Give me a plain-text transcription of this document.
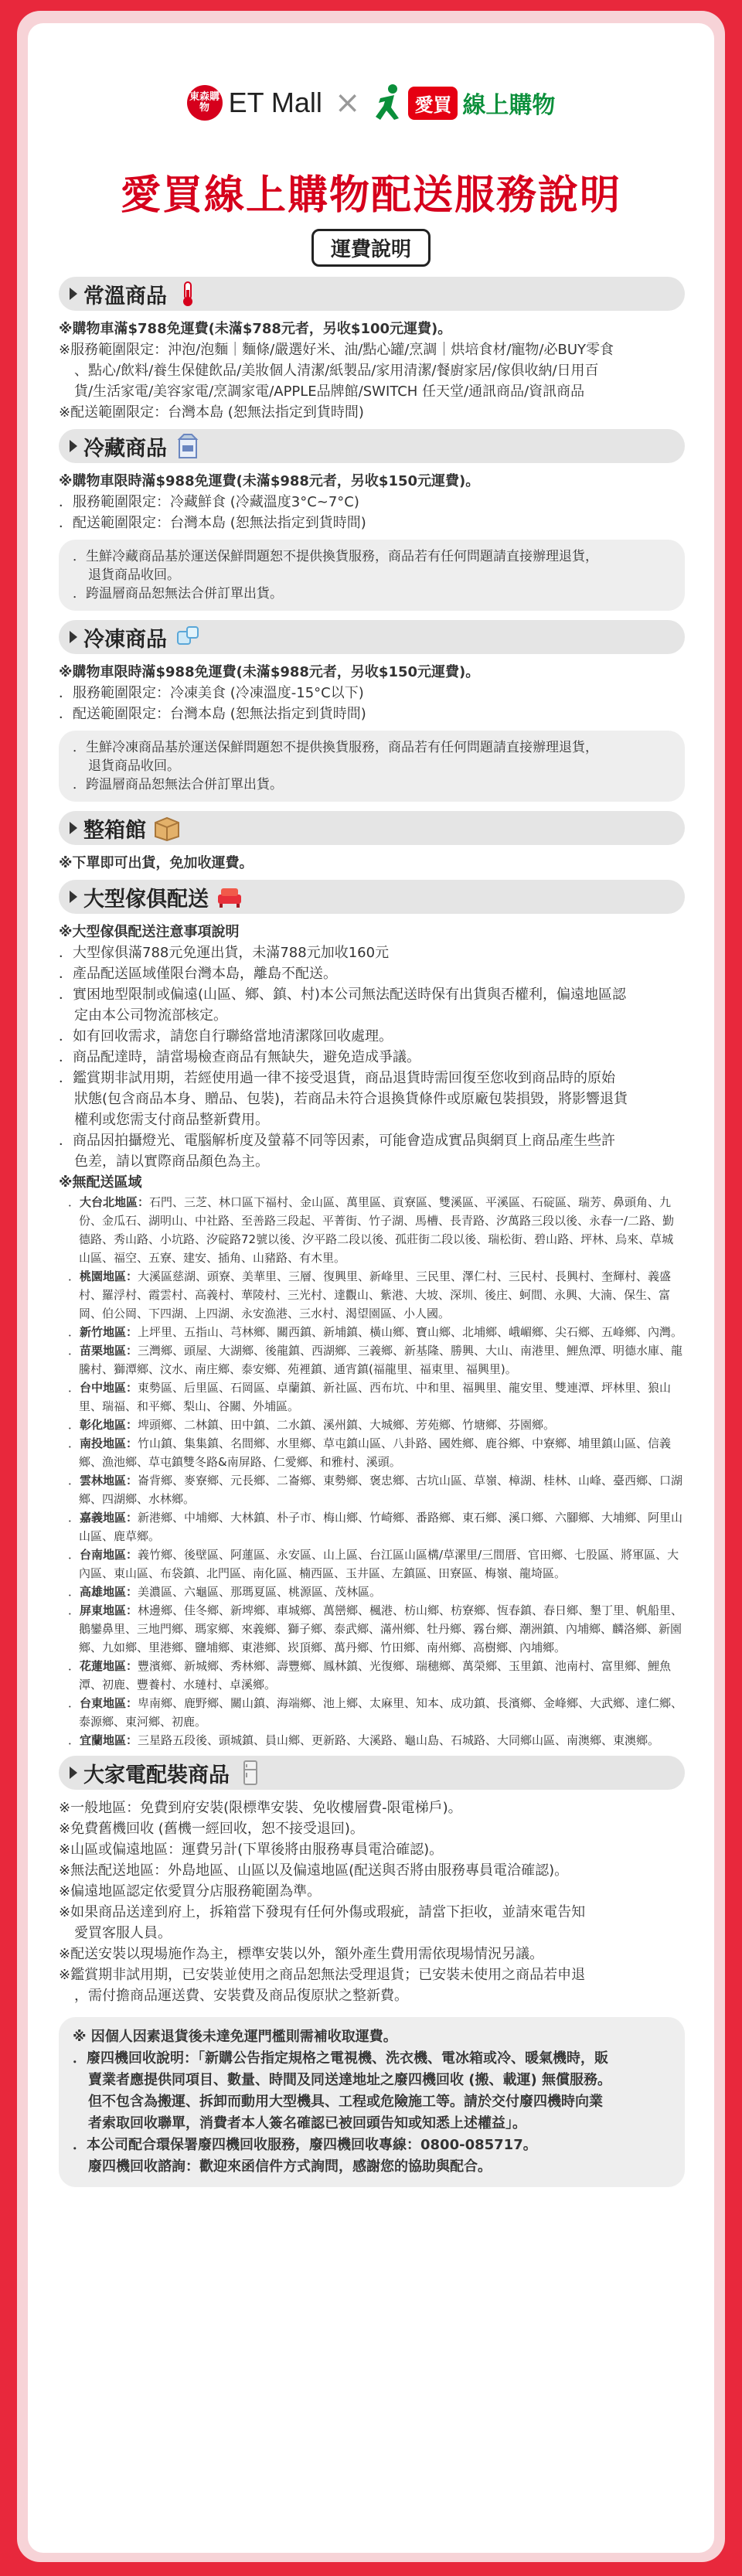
東森購物 ET Mall ×	愛買 線上購物
愛買線上購物配送服務說明
運費說明
常溫商品
※購物車滿$788免運費(未滿$788元者，另收$100元運費)。
※服務範圍限定：沖泡/泡麵｜麵條/嚴選好米、油/點心罐/烹調｜烘培食材/寵物/必BUY零食
、點心/飲料/養生保健飲品/美妝個人清潔/紙製品/家用清潔/餐廚家居/傢俱收納/日用百
貨/生活家電/美容家電/烹調家電/APPLE品牌館/SWITCH 任天堂/通訊商品/資訊商品
※配送範圍限定：台灣本島 (恕無法指定到貨時間)
冷藏商品
※購物車限時滿$988免運費(未滿$988元者，另收$150元運費)。
．服務範圍限定：冷藏鮮食 (冷藏溫度3°C~7°C)
．配送範圍限定：台灣本島 (恕無法指定到貨時間)
．生鮮冷藏商品基於運送保鮮問題恕不提供換貨服務，商品若有任何問題請直接辦理退貨，
退貨商品收回。
．跨温層商品恕無法合併訂單出貨。
冷凍商品
※購物車限時滿$988免運費(未滿$988元者，另收$150元運費)。
．服務範圍限定：冷凍美食 (冷凍溫度-15°C以下)
．配送範圍限定：台灣本島 (恕無法指定到貨時間)
．生鮮冷凍商品基於運送保鮮問題恕不提供換貨服務，商品若有任何問題請直接辦理退貨，
退貨商品收回。
．跨温層商品恕無法合併訂單出貨。
整箱館
※下單即可出貨，免加收運費。
大型傢俱配送
※大型傢俱配送注意事項說明
．大型傢俱滿788元免運出貨，未滿788元加收160元
．產品配送區域僅限台灣本島，離島不配送。
．實困地型限制或偏遠(山區、鄉、鎮、村)本公司無法配送時保有出貨與否權利，偏遠地區認
定由本公司物流部核定。
．如有回收需求，請您自行聯絡當地清潔隊回收處理。
．商品配達時，請當場檢查商品有無缺失，避免造成爭議。
．鑑賞期非試用期，若經使用過一律不接受退貨，商品退貨時需回復至您收到商品時的原始
狀態(包含商品本身、贈品、包裝)，若商品未符合退換貨條件或原廠包裝損毀，將影響退貨
權利或您需支付商品整新費用。
．商品因拍攝燈光、電腦解析度及螢幕不同等因素，可能會造成實品與網頁上商品產生些許
色差，請以實際商品顏色為主。
※無配送區域
．大台北地區：石門、三芝、林口區下福村、金山區、萬里區、貢寮區、雙溪區、平溪區、石碇區、瑞芳、鼻頭角、九份、金瓜石、湖明山、中社路、至善路三段起、平菁街、竹子湖、馬槽、長青路、汐萬路三段以後、永春一/二路、勤德路、秀山路、小坑路、汐碇路72號以後、汐平路二段以後、孤莊街二段以後、瑞松街、碧山路、坪林、烏來、草城山區、福空、五寮、建安、插角、山豬路、有木里。
．桃園地區：大溪區慈湖、頭寮、美華里、三層、復興里、新峰里、三民里、澤仁村、三民村、長興村、奎輝村、義盛村、羅浮村、霞雲村、高義村、華陵村、三光村、達觀山、紫港、大坡、深圳、後庄、蚵間、永興、大湳、保生、富岡、伯公岡、下四湖、上四湖、永安漁港、三水村、渴望園區、小人國。
．新竹地區：上坪里、五指山、芎林鄉、關西鎮、新埔鎮、橫山鄉、寶山鄉、北埔鄉、峨嵋鄉、尖石鄉、五峰鄉、內灣。
．苗栗地區：三灣鄉、頭屋、大湖鄉、後龍鎮、西湖鄉、三義鄉、新基隆、勝興、大山、南港里、鯉魚潭、明德水庫、龍騰村、獅潭鄉、汶水、南庄鄉、泰安鄉、苑裡鎮、通宵鎮(福龍里、福東里、福興里)。
．台中地區：東勢區、后里區、石岡區、卓蘭鎮、新社區、西布坑、中和里、福興里、龍安里、雙連潭、坪林里、狼山里、瑞福、和平鄉、梨山、谷關、外埔區。
．彰化地區：埤頭鄉、二林鎮、田中鎮、二水鎮、溪州鎮、大城鄉、芳苑鄉、竹塘鄉、芬園鄉。
．南投地區：竹山鎮、集集鎮、名間鄉、水里鄉、草屯鎮山區、八卦路、國姓鄉、鹿谷鄉、中寮鄉、埔里鎮山區、信義鄉、漁池鄉、草屯鎮雙冬路&南屏路、仁愛鄉、和雅村、溪頭。
．雲林地區：崙背鄉、麥寮鄉、元長鄉、二崙鄉、東勢鄉、褒忠鄉、古坑山區、草嶺、樟湖、桂林、山峰、臺西鄉、口湖鄉、四湖鄉、水林鄉。
．嘉義地區：新港鄉、中埔鄉、大林鎮、朴子市、梅山鄉、竹崎鄉、番路鄉、東石鄉、溪口鄉、六腳鄉、大埔鄉、阿里山山區、鹿草鄉。
．台南地區：義竹鄉、後壁區、阿蓮區、永安區、山上區、台江區山區構/草漯里/三間厝、官田鄉、七股區、將軍區、大內區、東山區、布袋鎮、北門區、南化區、楠西區、玉井區、左鎮區、田寮區、梅嶺、龍埼區。
．高雄地區：美濃區、六龜區、那瑪夏區、桃源區、茂林區。
．屏東地區：林邊鄉、佳冬鄉、新埤鄉、車城鄉、萬巒鄉、楓港、枋山鄉、枋寮鄉、恆春鎮、春日鄉、墾丁里、帆船里、鵝鑾鼻里、三地門鄉、瑪家鄉、來義鄉、獅子鄉、泰武鄉、滿州鄉、牡丹鄉、霧台鄉、潮洲鎮、內埔鄉、麟洛鄉、新園鄉、九如鄉、里港鄉、鹽埔鄉、東港鄉、崁頂鄉、萬丹鄉、竹田鄉、南州鄉、高樹鄉、內埔鄉。
．花蓮地區：豐濱鄉、新城鄉、秀林鄉、壽豐鄉、鳳林鎮、光復鄉、瑞穗鄉、萬榮鄉、玉里鎮、池南村、富里鄉、鯉魚潭、初鹿、豐養村、水璉村、卓溪鄉。
．台東地區：卑南鄉、鹿野鄉、關山鎮、海端鄉、池上鄉、太麻里、知本、成功鎮、長濱鄉、金峰鄉、大武鄉、達仁鄉、泰源鄉、東河鄉、初鹿。
．宜蘭地區：三星路五段後、頭城鎮、員山鄉、更新路、大溪路、龜山島、石城路、大同鄉山區、南澳鄉、東澳鄉。
大家電配裝商品
※一般地區：免費到府安裝(限標準安裝、免收樓層費-限電梯戶)。
※免費舊機回收 (舊機一經回收，恕不接受退回)。
※山區或偏遠地區：運費另計(下單後將由服務專員電洽確認)。
※無法配送地區：外島地區、山區以及偏遠地區(配送與否將由服務專員電洽確認)。
※偏遠地區認定依愛買分店服務範圍為準。
※如果商品送達到府上，拆箱當下發現有任何外傷或瑕疵，請當下拒收，並請來電告知
愛買客服人員。
※配送安裝以現場施作為主，標準安裝以外，額外產生費用需依現場情況另議。
※鑑賞期非試用期，已安裝並使用之商品恕無法受理退貨；已安裝未使用之商品若申退
，需付擔商品運送費、安裝費及商品復原狀之整新費。
※ 因個人因素退貨後未達免運門檻則需補收取運費。
．廢四機回收說明：「新購公告指定規格之電視機、洗衣機、電冰箱或冷、暖氣機時，販
賣業者應提供同項目、數量、時間及同送達地址之廢四機回收 (搬、載運) 無償服務。
但不包含為搬運、拆卸而動用大型機具、工程或危險施工等。請於交付廢四機時向業
者索取回收聯單，消費者本人簽名確認已被回頭告知或知悉上述權益」。
．本公司配合環保署廢四機回收服務，廢四機回收專線：0800-085717。
廢四機回收諮詢：歡迎來函信件方式詢問，感謝您的協助與配合。
